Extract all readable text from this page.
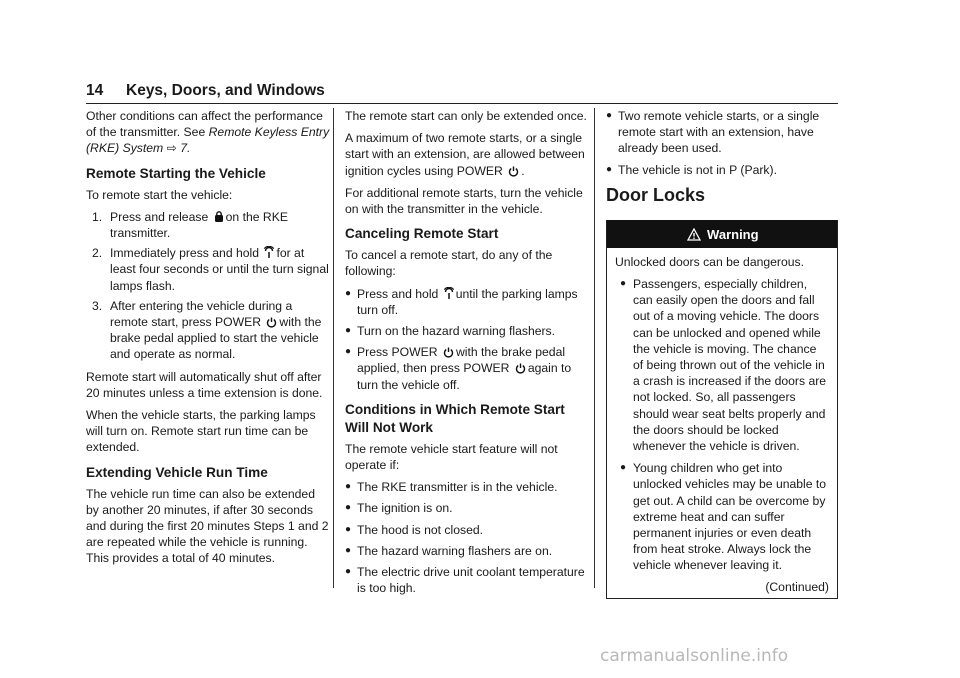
14 Keys, Doors, and Windows

Other conditions can affect the performance of the transmitter. See Remote Keyless Entry (RKE) System ⇨ 7.

Remote Starting the Vehicle

To remote start the vehicle:

1. Press and release on the RKE transmitter.
2. Immediately press and hold for at least four seconds or until the turn signal lamps flash.
3. After entering the vehicle during a remote start, press POWER with the brake pedal applied to start the vehicle and operate as normal.

Remote start will automatically shut off after 20 minutes unless a time extension is done.

When the vehicle starts, the parking lamps will turn on. Remote start run time can be extended.

Extending Vehicle Run Time

The vehicle run time can also be extended by another 20 minutes, if after 30 seconds and during the first 20 minutes Steps 1 and 2 are repeated while the vehicle is running. This provides a total of 40 minutes.

The remote start can only be extended once.

A maximum of two remote starts, or a single start with an extension, are allowed between ignition cycles using POWER .

For additional remote starts, turn the vehicle on with the transmitter in the vehicle.

Canceling Remote Start

To cancel a remote start, do any of the following:

● Press and hold until the parking lamps turn off.
● Turn on the hazard warning flashers.
● Press POWER with the brake pedal applied, then press POWER again to turn the vehicle off.
Conditions in Which Remote Start Will Not Work

The remote vehicle start feature will not operate if:

● The RKE transmitter is in the vehicle.
● The ignition is on.
● The hood is not closed.
● The hazard warning flashers are on.
● The electric drive unit coolant temperature is too high.
● Two remote vehicle starts, or a single remote start with an extension, have already been used.
● The vehicle is not in P (Park).
Door Locks
Warning

Unlocked doors can be dangerous.

● Passengers, especially children, can easily open the doors and fall out of a moving vehicle. The doors can be unlocked and opened while the vehicle is moving. The chance of being thrown out of the vehicle in a crash is increased if the doors are not locked. So, all passengers should wear seat belts properly and the doors should be locked whenever the vehicle is driven.
● Young children who get into unlocked vehicles may be unable to get out. A child can be overcome by extreme heat and can suffer permanent injuries or even death from heat stroke. Always lock the vehicle whenever leaving it.

(Continued)

carmanualsonline.info
